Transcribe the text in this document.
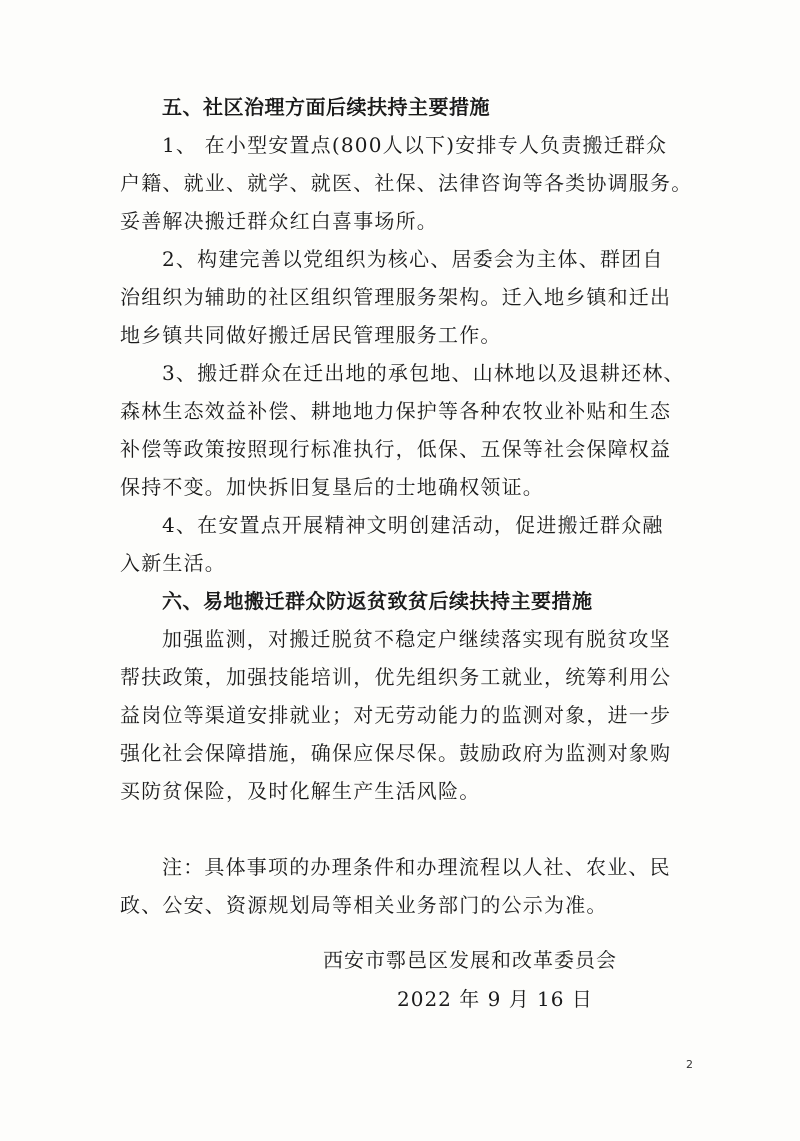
五、社区治理方面后续扶持主要措施
1、 在小型安置点(800人以下)安排专人负责搬迁群众
户籍、就业、就学、就医、社保、法律咨询等各类协调服务。
妥善解决搬迁群众红白喜事场所。
2、构建完善以党组织为核心、居委会为主体、群团自
治组织为辅助的社区组织管理服务架构。迁入地乡镇和迁出
地乡镇共同做好搬迁居民管理服务工作。
3、搬迁群众在迁出地的承包地、山林地以及退耕还林、
森林生态效益补偿、耕地地力保护等各种农牧业补贴和生态
补偿等政策按照现行标准执行，低保、五保等社会保障权益
保持不变。加快拆旧复垦后的士地确权领证。
4、在安置点开展精神文明创建活动，促进搬迁群众融
入新生活。
六、易地搬迁群众防返贫致贫后续扶持主要措施
加强监测，对搬迁脱贫不稳定户继续落实现有脱贫攻坚
帮扶政策，加强技能培训，优先组织务工就业，统筹利用公
益岗位等渠道安排就业；对无劳动能力的监测对象，进一步
强化社会保障措施，确保应保尽保。鼓励政府为监测对象购
买防贫保险，及时化解生产生活风险。
注：具体事项的办理条件和办理流程以人社、农业、民
政、公安、资源规划局等相关业务部门的公示为准。
西安市鄠邑区发展和改革委员会
2022 年 9 月 16 日
2
